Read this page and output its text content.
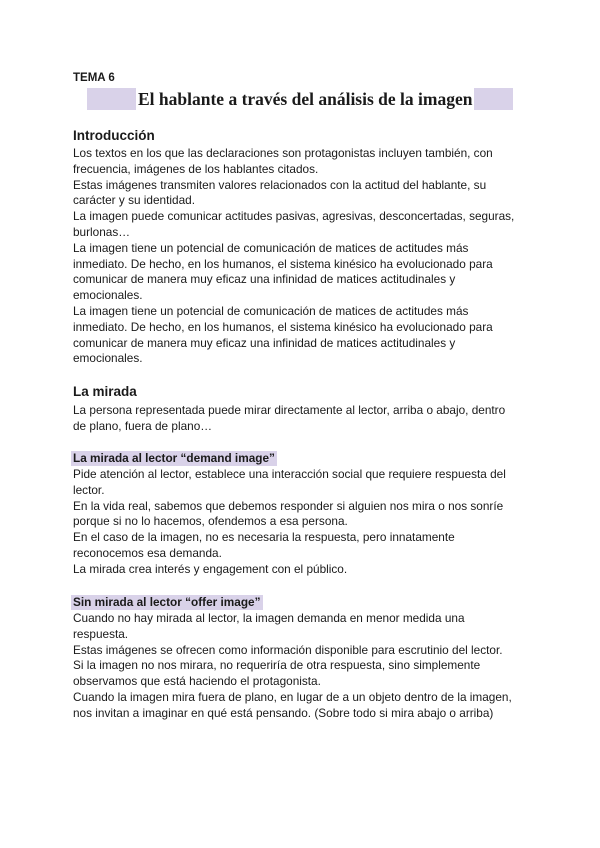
TEMA 6
El hablante a través del análisis de la imagen
Introducción

Los textos en los que las declaraciones son protagonistas incluyen también, con

frecuencia, imágenes de los hablantes citados.

Estas imágenes transmiten valores relacionados con la actitud del hablante, su

carácter y su identidad.

La imagen puede comunicar actitudes pasivas, agresivas, desconcertadas, seguras,

burlonas…

La imagen tiene un potencial de comunicación de matices de actitudes más

inmediato. De hecho, en los humanos, el sistema kinésico ha evolucionado para

comunicar de manera muy eficaz una infinidad de matices actitudinales y

emocionales.

La imagen tiene un potencial de comunicación de matices de actitudes más

inmediato. De hecho, en los humanos, el sistema kinésico ha evolucionado para

comunicar de manera muy eficaz una infinidad de matices actitudinales y

emocionales.

La mirada

La persona representada puede mirar directamente al lector, arriba o abajo, dentro

de plano, fuera de plano…

La mirada al lector “demand image”

Pide atención al lector, establece una interacción social que requiere respuesta del

lector.

En la vida real, sabemos que debemos responder si alguien nos mira o nos sonríe

porque si no lo hacemos, ofendemos a esa persona.

En el caso de la imagen, no es necesaria la respuesta, pero innatamente

reconocemos esa demanda.

La mirada crea interés y engagement con el público.

Sin mirada al lector “offer image”

Cuando no hay mirada al lector, la imagen demanda en menor medida una

respuesta.

Estas imágenes se ofrecen como información disponible para escrutinio del lector.

Si la imagen no nos mirara, no requeriría de otra respuesta, sino simplemente

observamos que está haciendo el protagonista.

Cuando la imagen mira fuera de plano, en lugar de a un objeto dentro de la imagen,

nos invitan a imaginar en qué está pensando. (Sobre todo si mira abajo o arriba)
